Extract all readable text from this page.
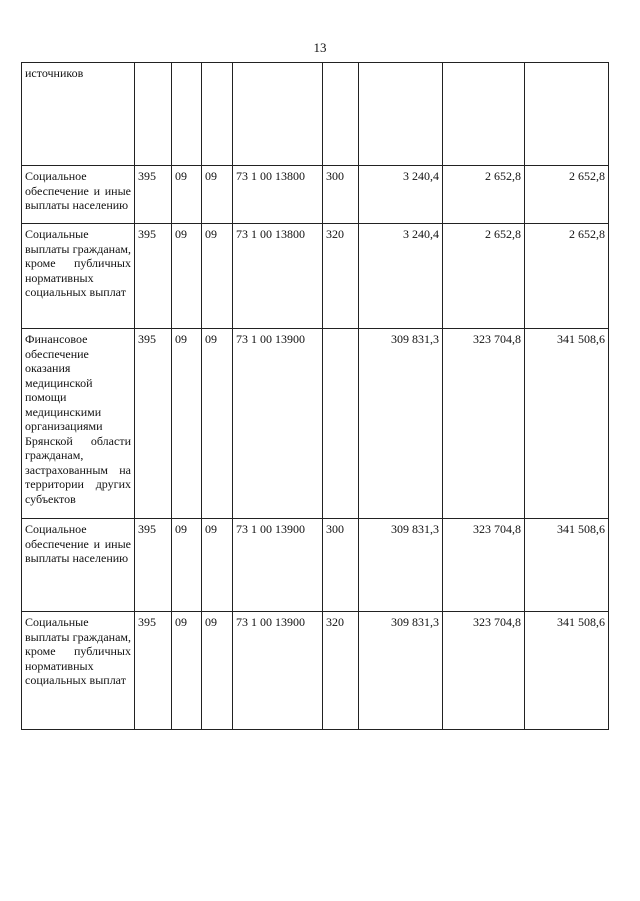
13
источников								
Социальное обеспечение и иные выплаты населению	395	09	09	73 1 00 13800	300	3 240,4	2 652,8	2 652,8
Социальные выплаты гражданам, кроме публичных нормативных социальных выплат	395	09	09	73 1 00 13800	320	3 240,4	2 652,8	2 652,8
Финансовое обеспечение оказания медицинской помощи медицинскими организациями Брянской области гражданам, застрахованным на территории других субъектов	395	09	09	73 1 00 13900		309 831,3	323 704,8	341 508,6
Социальное обеспечение и иные выплаты населению	395	09	09	73 1 00 13900	300	309 831,3	323 704,8	341 508,6
Социальные выплаты гражданам, кроме публичных нормативных социальных выплат	395	09	09	73 1 00 13900	320	309 831,3	323 704,8	341 508,6
